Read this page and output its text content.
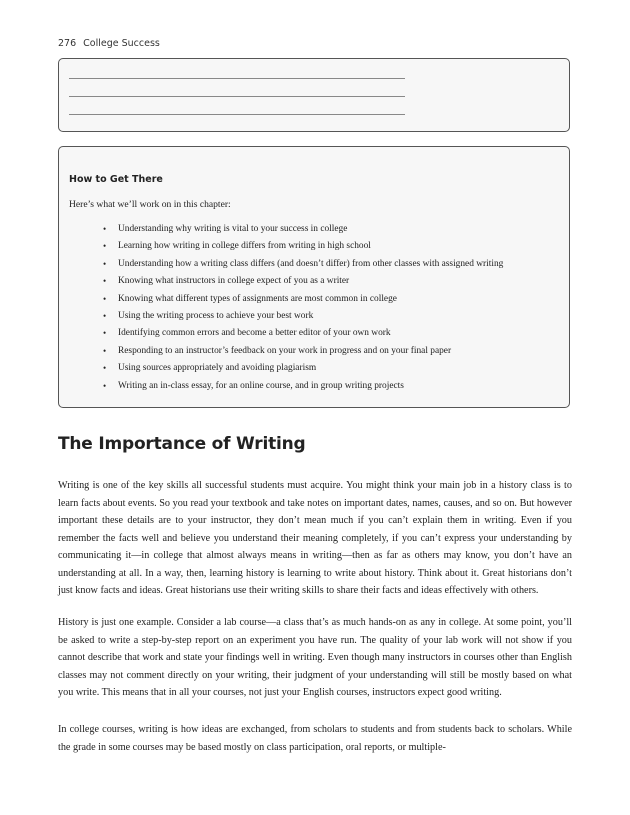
276 College Success
How to Get There
Here’s what we’ll work on in this chapter:
• Understanding why writing is vital to your success in college
• Learning how writing in college differs from writing in high school
• Understanding how a writing class differs (and doesn’t differ) from other classes with assigned writing
• Knowing what instructors in college expect of you as a writer
• Knowing what different types of assignments are most common in college
• Using the writing process to achieve your best work
• Identifying common errors and become a better editor of your own work
• Responding to an instructor’s feedback on your work in progress and on your final paper
• Using sources appropriately and avoiding plagiarism
• Writing an in-class essay, for an online course, and in group writing projects
The Importance of Writing

Writing is one of the key skills all successful students must acquire. You might think your main job in a history class is to learn facts about events. So you read your textbook and take notes on important dates, names, causes, and so on. But however important these details are to your instructor, they don’t mean much if you can’t explain them in writing. Even if you remember the facts well and believe you understand their meaning completely, if you can’t express your understanding by communicating it—in college that almost always means in writing—then as far as others may know, you don’t have an understanding at all. In a way, then, learning history is learning to write about history. Think about it. Great historians don’t just know facts and ideas. Great historians use their writing skills to share their facts and ideas effectively with others.

History is just one example. Consider a lab course—a class that’s as much hands-on as any in college. At some point, you’ll be asked to write a step-by-step report on an experiment you have run. The quality of your lab work will not show if you cannot describe that work and state your findings well in writing. Even though many instructors in courses other than English classes may not comment directly on your writing, their judgment of your understanding will still be mostly based on what you write. This means that in all your courses, not just your English courses, instructors expect good writing.

In college courses, writing is how ideas are exchanged, from scholars to students and from students back to scholars. While the grade in some courses may be based mostly on class participation, oral reports, or multiple-
